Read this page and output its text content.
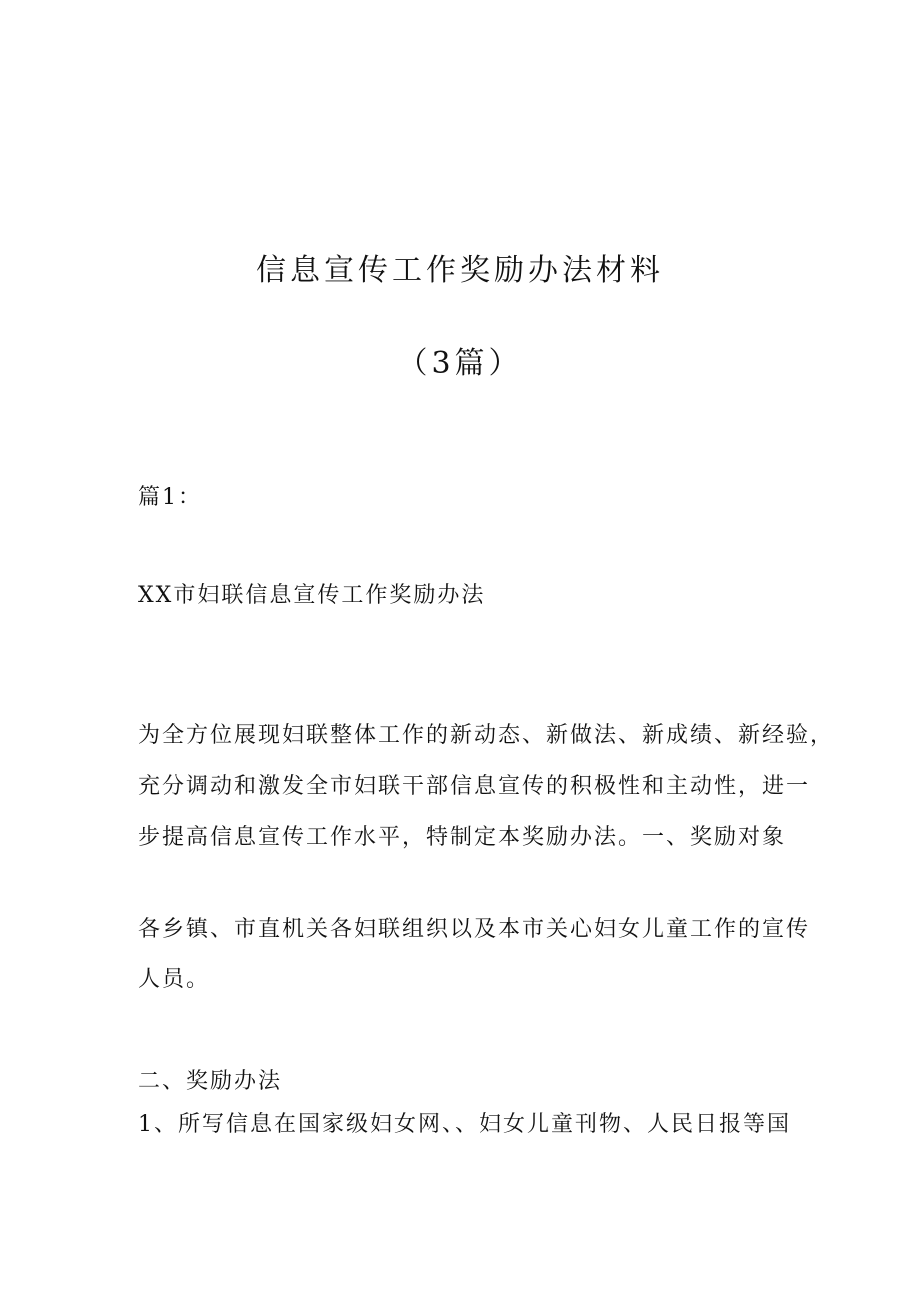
信息宣传工作奖励办法材料
（3篇）
篇1：
XX市妇联信息宣传工作奖励办法
为全方位展现妇联整体工作的新动态、新做法、新成绩、新经验，
充分调动和激发全市妇联干部信息宣传的积极性和主动性，进一
步提高信息宣传工作水平，特制定本奖励办法。一、奖励对象
各乡镇、市直机关各妇联组织以及本市关心妇女儿童工作的宣传
人员。
二、奖励办法
1、所写信息在国家级妇女网、、妇女儿童刊物、人民日报等国
